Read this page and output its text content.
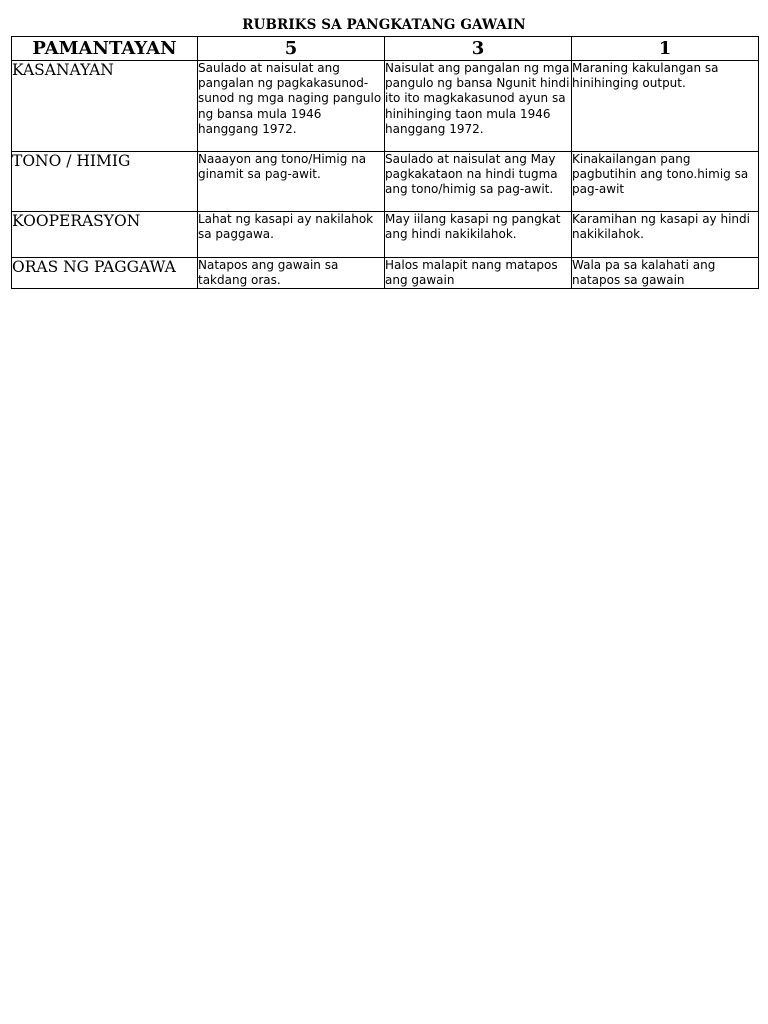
RUBRIKS SA PANGKATANG GAWAIN
PAMANTAYAN	5	3	1
KASANAYAN	Saulado at naisulat ang pangalan ng pagkakasunod-sunod ng mga naging pangulo ng bansa mula 1946 hanggang 1972.	Naisulat ang pangalan ng mga pangulo ng bansa Ngunit hindi ito ito magkakasunod ayun sa hinihinging taon mula 1946 hanggang 1972.	Maraning kakulangan sa hinihinging output.
TONO / HIMIG	Naaayon ang tono/Himig na ginamit sa pag-awit.	Saulado at naisulat ang May pagkakataon na hindi tugma ang tono/himig sa pag-awit.	Kinakailangan pang pagbutihin ang tono.himig sa pag-awit
KOOPERASYON	Lahat ng kasapi ay nakilahok sa paggawa.	May iilang kasapi ng pangkat ang hindi nakikilahok.	Karamihan ng kasapi ay hindi nakikilahok.
ORAS NG PAGGAWA	Natapos ang gawain sa takdang oras.	Halos malapit nang matapos ang gawain	Wala pa sa kalahati ang natapos sa gawain
